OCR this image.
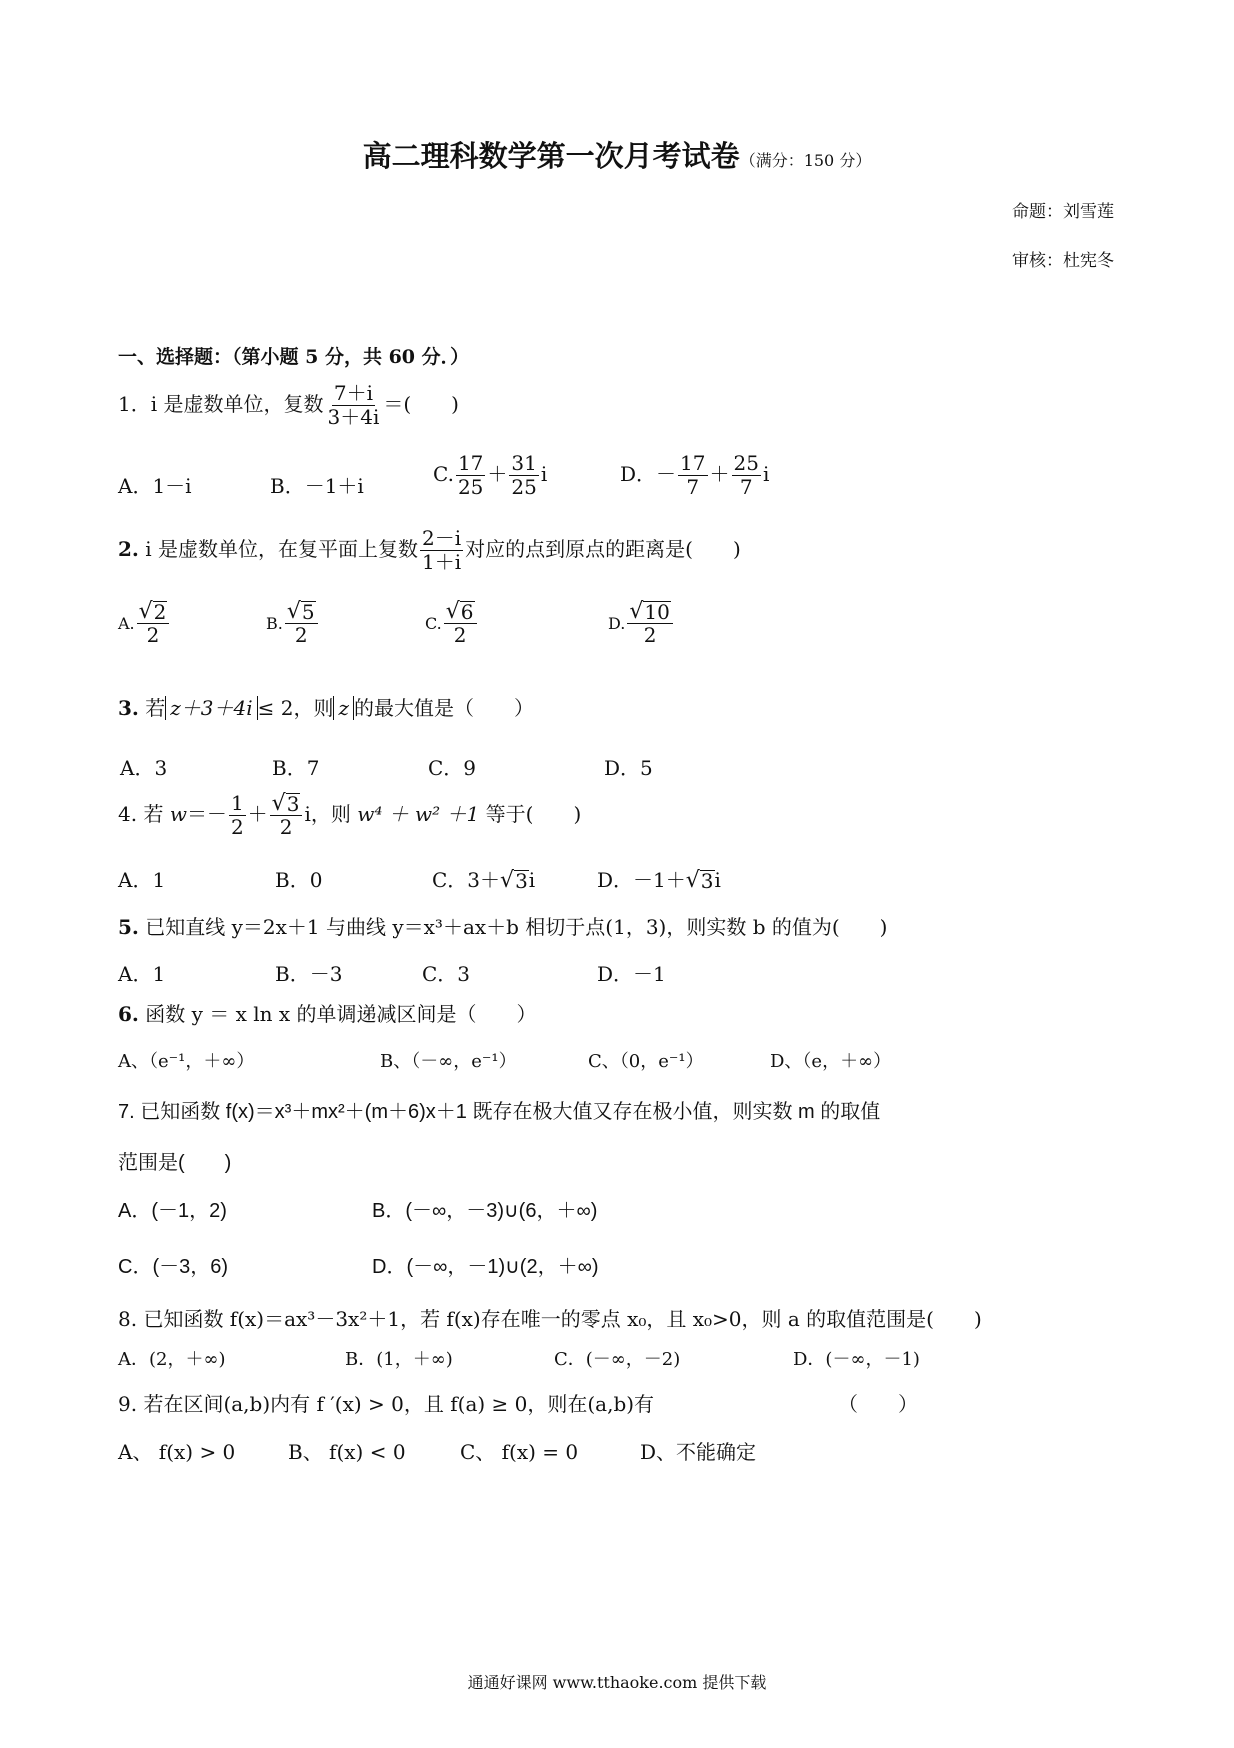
高二理科数学第一次月考试卷（满分：150 分）
命题：刘雪莲
审核：杜宪冬
一、选择题：（第小题 5 分，共 60 分．）
1．i 是虚数单位，复数 $\frac{7+i}{3+4i}$ ＝(　　)
A．1－i	B．－1＋i	C. $\frac{17}{25} + \frac{31}{25}$ i	D．－ $\frac{17}{7} + \frac{25}{7}$ i
2. i 是虚数单位，在复平面上复数 $\frac{2-i}{1+i}$ 对应的点到原点的距离是(　　)
A. $\frac{√ 2}{2}$	B. $\frac{√ 5}{2}$	C. $\frac{√ 6}{2}$	D. $\frac{√ 10}{2}$
3. 若 z＋3＋4i ≤ 2，则 z 的最大值是（　　）
A．3	B．7	C．9	D．5
4. 若 $w=- \frac{1}{2} + \frac{√ 3}{2}$ i，则 w⁴ ＋ w² ＋1 等于(　　)
A．1	B．0	C．3＋ √ 3 i	D．－1＋ √ 3 i
5. 已知直线 y＝2x＋1 与曲线 y＝x³＋ax＋b 相切于点(1，3)，则实数 b 的值为(　　)
A．1	B．－3	C．3	D．－1
6. 函数 y ＝ x ln x 的单调递减区间是（　　）
A、（e⁻¹，＋∞）	B、（－∞，e⁻¹）	C、（0，e⁻¹）	D、（e，＋∞）
7. 已知函数 f(x)＝x³＋mx²＋(m＋6)x＋1 既存在极大值又存在极小值，则实数 m 的取值
范围是(　　)
A．(－1，2)	B．(－∞，－3)∪(6，＋∞)
C．(－3，6)	D．(－∞，－1)∪(2，＋∞)
8. 已知函数 f(x)＝ax³－3x²＋1，若 f(x)存在唯一的零点 x₀，且 x₀>0，则 a 的取值范围是(　　)
A．(2，＋∞)	B．(1，＋∞)	C．(－∞，－2)	D．(－∞，－1)
9. 若在区间(a,b)内有 f ′(x) > 0，且 f(a) ≥ 0，则在(a,b)有	（　　）
A、 f(x) > 0	B、 f(x) < 0	C、 f(x) = 0	D、不能确定
通通好课网 www.tthaoke.com 提供下载
